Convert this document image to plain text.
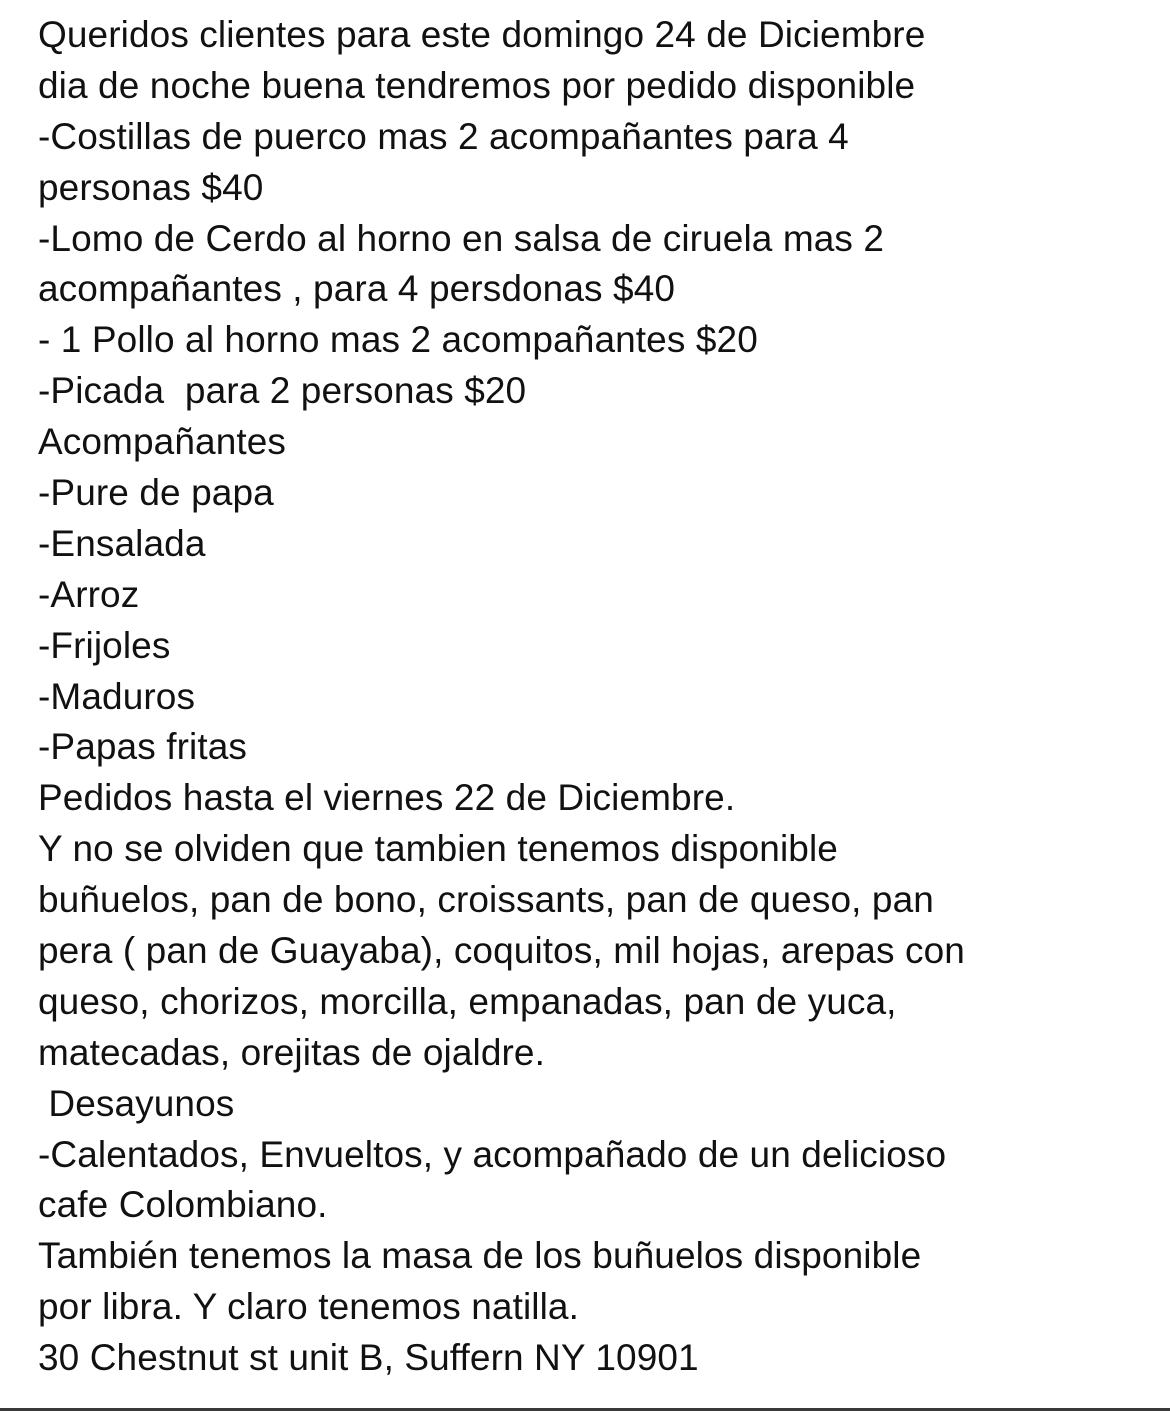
Queridos clientes para este domingo 24 de Diciembre
dia de noche buena tendremos por pedido disponible
-Costillas de puerco mas 2 acompañantes para 4
personas $40
-Lomo de Cerdo al horno en salsa de ciruela mas 2
acompañantes , para 4 persdonas $40
- 1 Pollo al horno mas 2 acompañantes $20
-Picada  para 2 personas $20
Acompañantes
-Pure de papa
-Ensalada
-Arroz
-Frijoles
-Maduros
-Papas fritas
Pedidos hasta el viernes 22 de Diciembre.
Y no se olviden que tambien tenemos disponible
buñuelos, pan de bono, croissants, pan de queso, pan
pera ( pan de Guayaba), coquitos, mil hojas, arepas con
queso, chorizos, morcilla, empanadas, pan de yuca,
matecadas, orejitas de ojaldre.
Desayunos
-Calentados, Envueltos, y acompañado de un delicioso
cafe Colombiano.
También tenemos la masa de los buñuelos disponible
por libra. Y claro tenemos natilla.
30 Chestnut st unit B, Suffern NY 10901
